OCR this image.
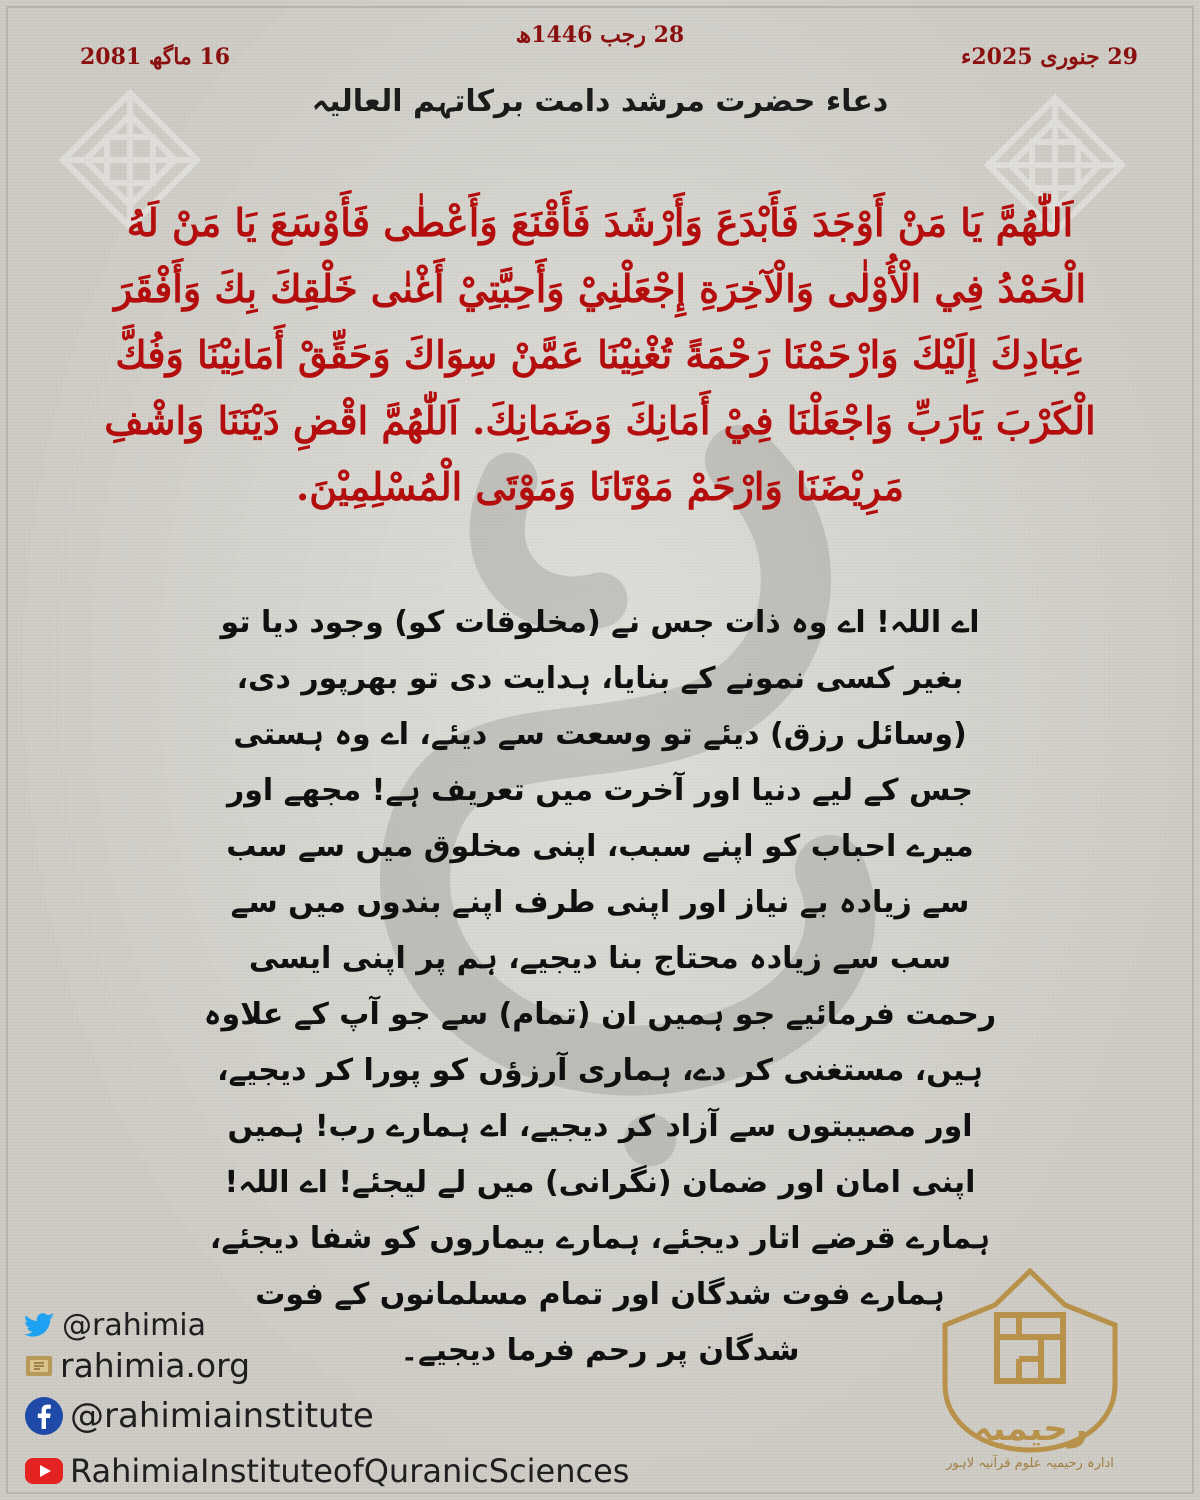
28 رجب 1446ھ
29 جنوری 2025ء
16 ماگھ 2081
دعاء حضرت مرشد دامت برکاتہم العالیہ
اَللّٰهُمَّ يَا مَنْ أَوْجَدَ فَأَبْدَعَ وَأَرْشَدَ فَأَقْنَعَ وَأَعْطٰى فَأَوْسَعَ يَا مَنْ لَهُ الْحَمْدُ فِي الْأُوْلٰى وَالْآخِرَةِ إِجْعَلْنِيْ وَأَحِبَّتِيْ أَغْنٰى خَلْقِكَ بِكَ وَأَفْقَرَ عِبَادِكَ إِلَيْكَ وَارْحَمْنَا رَحْمَةً تُغْنِيْنَا عَمَّنْ سِوَاكَ وَحَقِّقْ أَمَانِيْنَا وَفُكَّ الْكَرْبَ يَارَبِّ وَاجْعَلْنَا فِيْ أَمَانِكَ وَضَمَانِكَ. اَللّٰهُمَّ اقْضِ دَيْنَنَا وَاشْفِ مَرِيْضَنَا وَارْحَمْ مَوْتَانَا وَمَوْتَى الْمُسْلِمِيْنَ.
اے اللہ! اے وہ ذات جس نے (مخلوقات کو) وجود دیا تو بغیر کسی نمونے کے بنایا، ہدایت دی تو بھرپور دی، (وسائل رزق) دیئے تو وسعت سے دیئے، اے وہ ہستی جس کے لیے دنیا اور آخرت میں تعریف ہے! مجھے اور میرے احباب کو اپنے سبب، اپنی مخلوق میں سے سب سے زیادہ بے نیاز اور اپنی طرف اپنے بندوں میں سے سب سے زیادہ محتاج بنا دیجیے، ہم پر اپنی ایسی رحمت فرمائیے جو ہمیں ان (تمام) سے جو آپ کے علاوہ ہیں، مستغنی کر دے، ہماری آرزؤں کو پورا کر دیجیے، اور مصیبتوں سے آزاد کر دیجیے، اے ہمارے رب! ہمیں اپنی امان اور ضمان (نگرانی) میں لے لیجئے! اے اللہ! ہمارے قرضے اتار دیجئے، ہمارے بیماروں کو شفا دیجئے، ہمارے فوت شدگان اور تمام مسلمانوں کے فوت شدگان پر رحم فرما دیجیے۔
@rahimia
rahimia.org
@rahimiainstitute
RahimiaInstituteofQuranicSciences
رحیمیہ
ادارہ رحیمیہ علوم قرآنیہ لاہور
